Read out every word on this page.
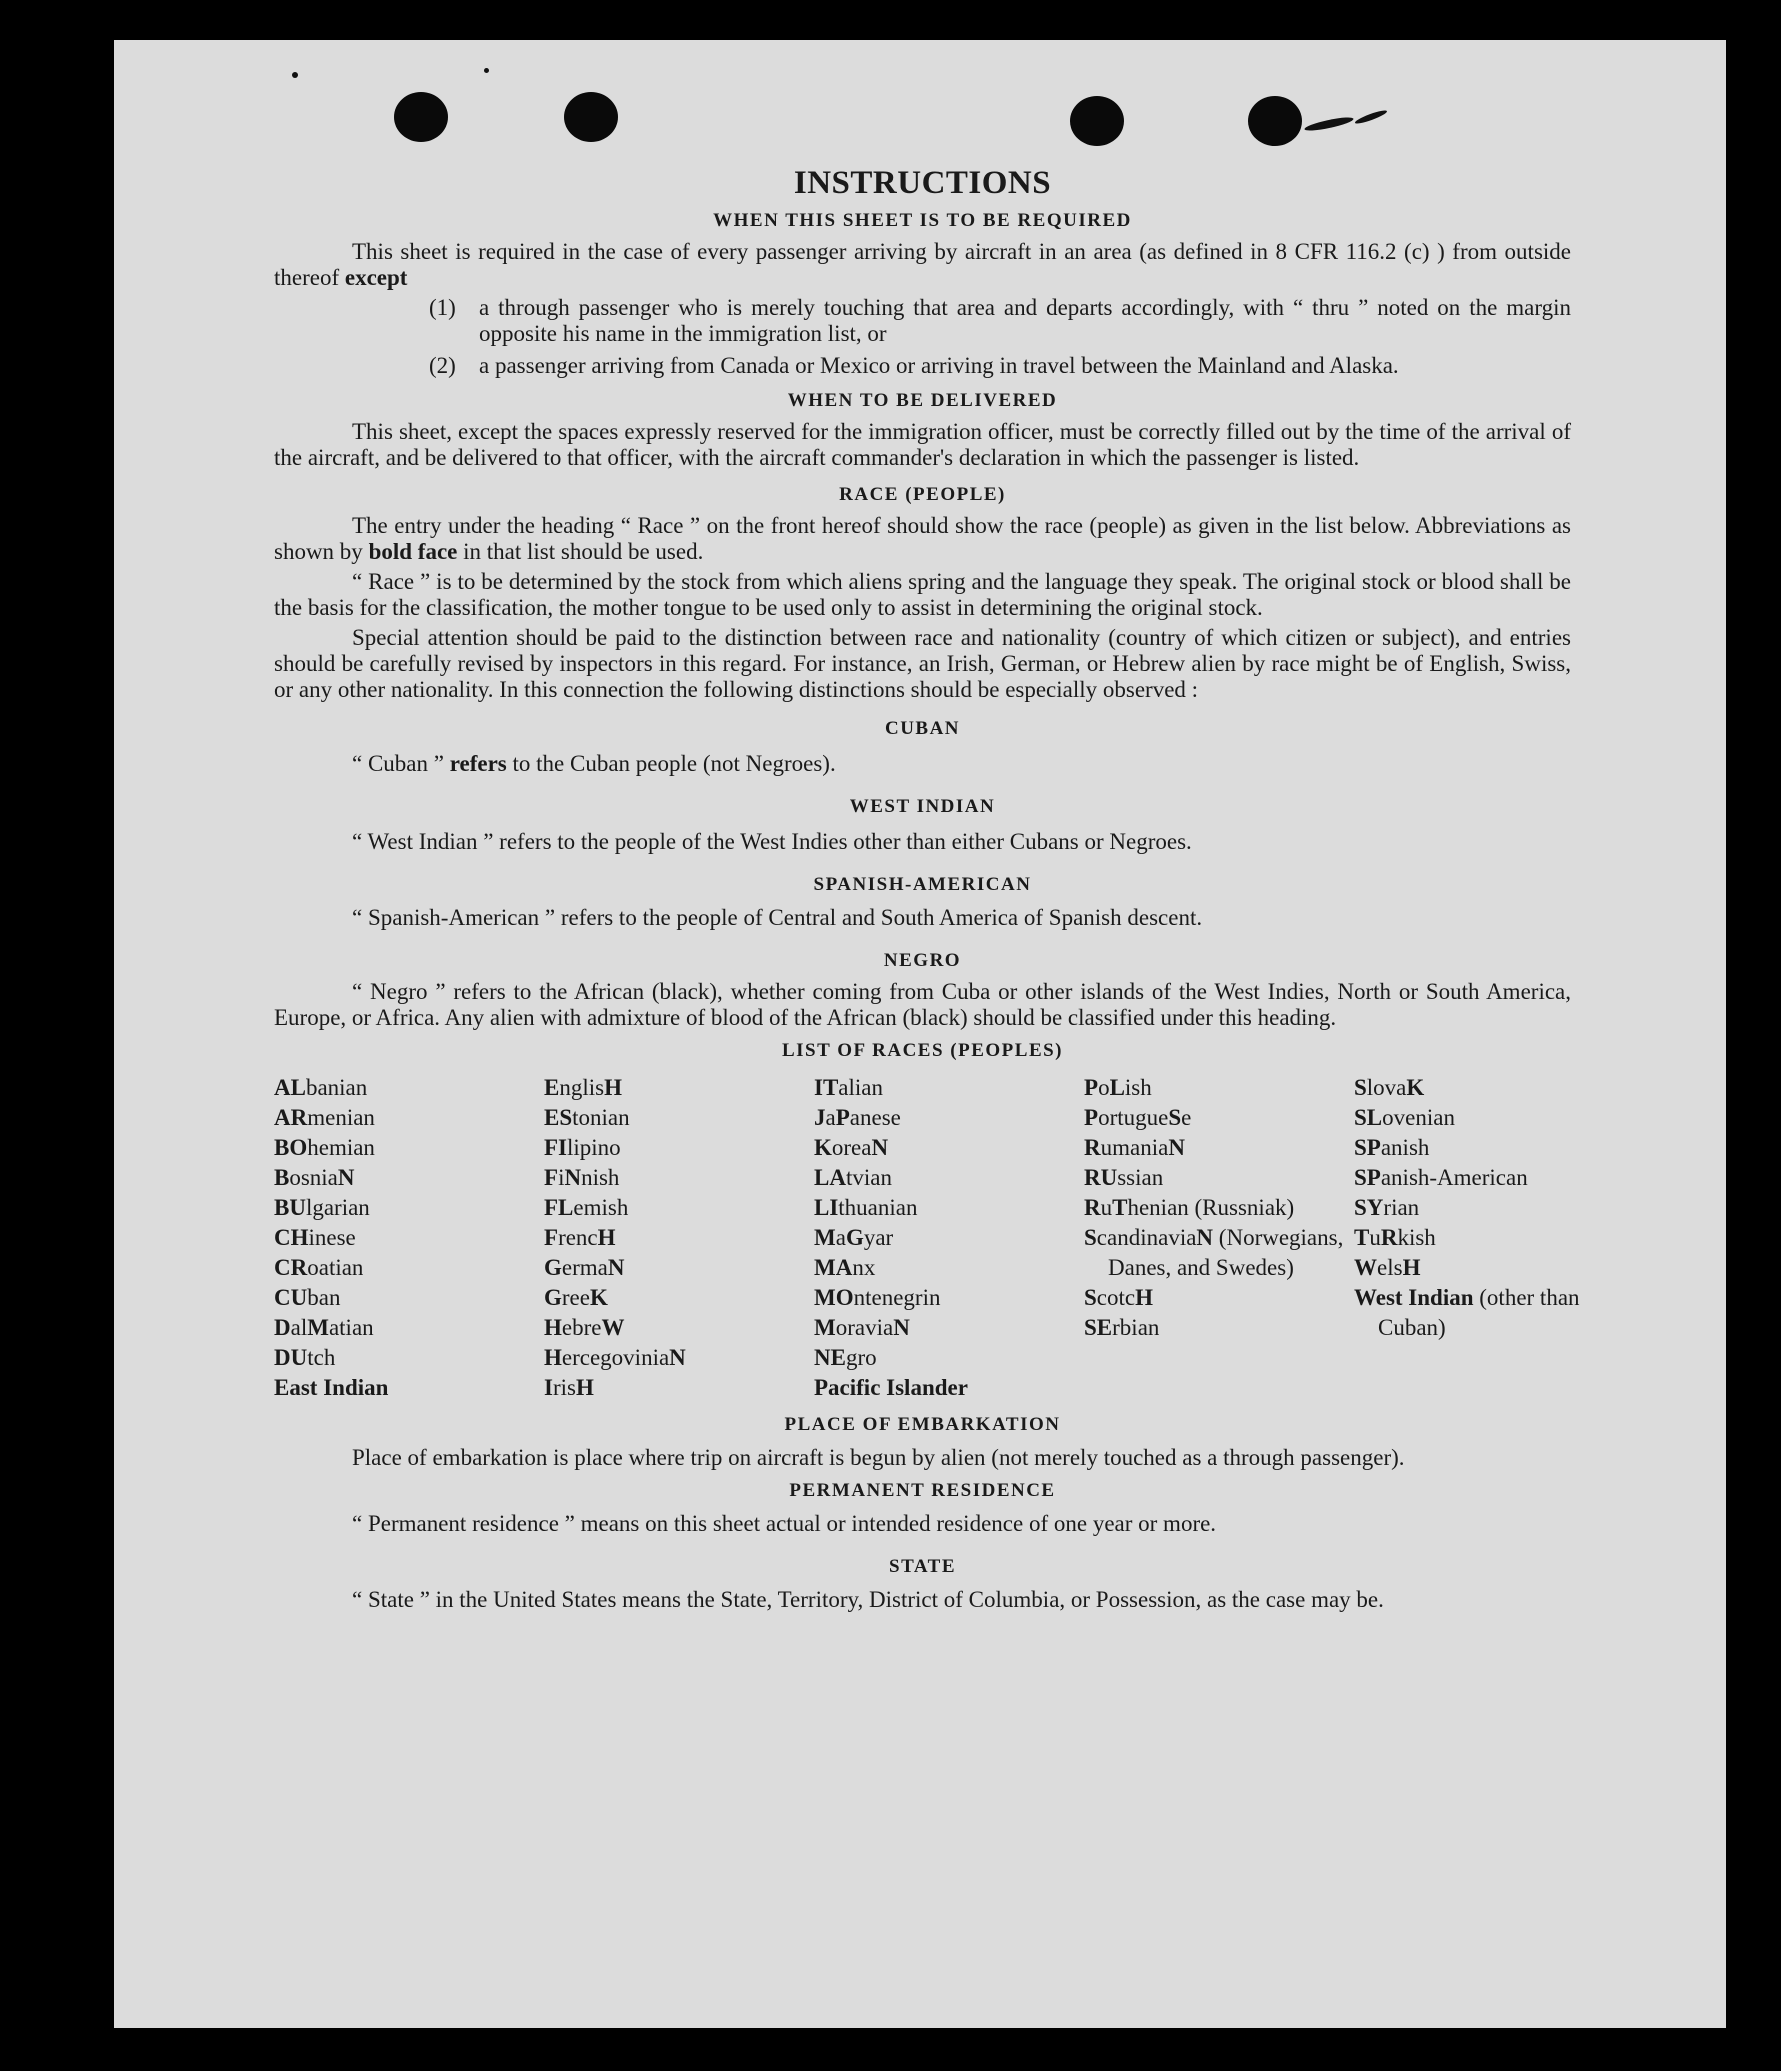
INSTRUCTIONS
WHEN THIS SHEET IS TO BE REQUIRED

This sheet is required in the case of every passenger arriving by aircraft in an area (as defined in 8 CFR 116.2 (c) ) from outside thereof except

(1)	a through passenger who is merely touching that area and departs accordingly, with “ thru ” noted on the margin opposite his name in the immigration list, or
(2)	a passenger arriving from Canada or Mexico or arriving in travel between the Mainland and Alaska.
WHEN TO BE DELIVERED

This sheet, except the spaces expressly reserved for the immigration officer, must be correctly filled out by the time of the arrival of the aircraft, and be delivered to that officer, with the aircraft commander's declaration in which the passenger is listed.

RACE (PEOPLE)

The entry under the heading “ Race ” on the front hereof should show the race (people) as given in the list below. Abbreviations as shown by bold face in that list should be used.

“ Race ” is to be determined by the stock from which aliens spring and the language they speak. The original stock or blood shall be the basis for the classification, the mother tongue to be used only to assist in determining the original stock.

Special attention should be paid to the distinction between race and nationality (country of which citizen or subject), and entries should be carefully revised by inspectors in this regard. For instance, an Irish, German, or Hebrew alien by race might be of English, Swiss, or any other nationality. In this connection the following distinctions should be especially observed :

CUBAN

“ Cuban ” refers to the Cuban people (not Negroes).

WEST INDIAN

“ West Indian ” refers to the people of the West Indies other than either Cubans or Negroes.

SPANISH-AMERICAN

“ Spanish-American ” refers to the people of Central and South America of Spanish descent.

NEGRO

“ Negro ” refers to the African (black), whether coming from Cuba or other islands of the West Indies, North or South America, Europe, or Africa. Any alien with admixture of blood of the African (black) should be classified under this heading.

LIST OF RACES (PEOPLES)
ALbanian
ARmenian
BOhemian
BosniaN
BUlgarian
CHinese
CRoatian
CUban
DalMatian
DUtch
East Indian
EnglisH
EStonian
FIlipino
FiNnish
FLemish
FrencH
GermaN
GreeK
HebreW
HercegoviniaN
IrisH
ITalian
JaPanese
KoreaN
LAtvian
LIthuanian
MaGyar
MAnx
MOntenegrin
MoraviaN
NEgro
Pacific Islander
PoLish
PortugueSe
RumaniaN
RUssian
RuThenian (Russniak)
ScandinaviaN (Norwegians, Danes, and Swedes)
ScotcH
SErbian
SlovaK
SLovenian
SPanish
SPanish-American
SYrian
TuRkish
WelsH
West Indian (other than Cuban)
PLACE OF EMBARKATION

Place of embarkation is place where trip on aircraft is begun by alien (not merely touched as a through passenger).

PERMANENT RESIDENCE

“ Permanent residence ” means on this sheet actual or intended residence of one year or more.

STATE

“ State ” in the United States means the State, Territory, District of Columbia, or Possession, as the case may be.
